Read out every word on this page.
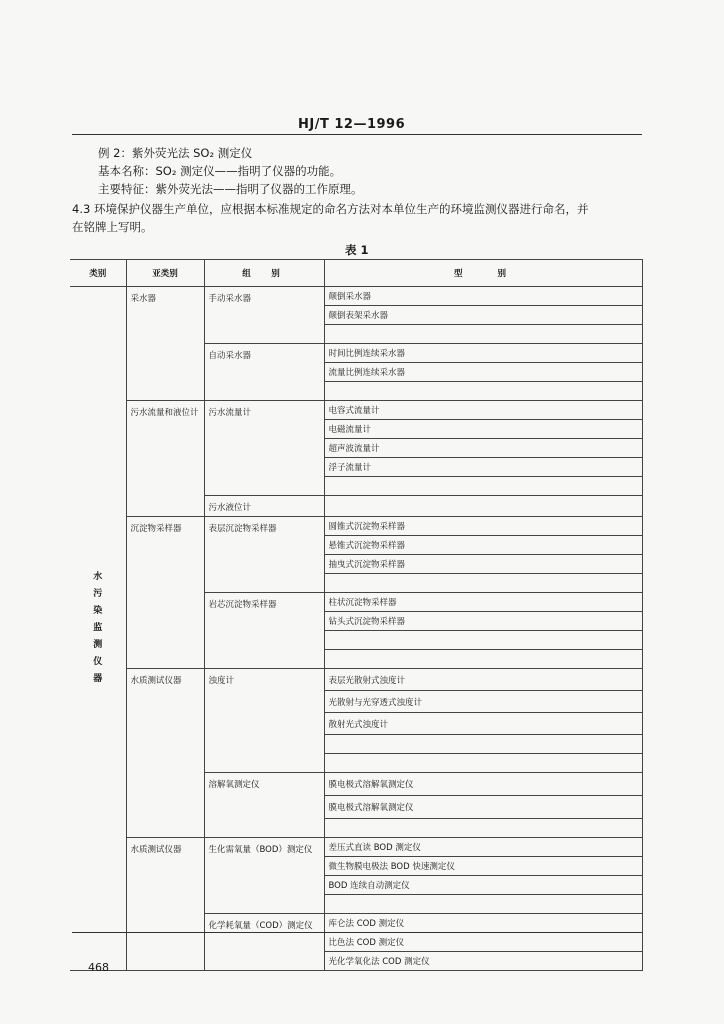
HJ/T 12—1996
例 2：紫外荧光法 SO₂ 测定仪
基本名称：SO₂ 测定仪——指明了仪器的功能。
主要特征：紫外荧光法——指明了仪器的工作原理。
4.3 环境保护仪器生产单位，应根据本标准规定的命名方法对本单位生产的环境监测仪器进行命名，并
在铭牌上写明。
表 1
类别	亚类别	组　别	型　　别
水污染监测仪器	采水器	手动采水器	颠倒采水器
			颠倒表架采水器

		自动采水器	时间比例连续采水器
			流量比例连续采水器

	污水流量和液位计	污水流量计	电容式流量计
			电磁流量计
			超声波流量计
			浮子流量计

		污水液位计	
	沉淀物采样器	表层沉淀物采样器	圆锥式沉淀物采样器
			悬锥式沉淀物采样器
			抽曳式沉淀物采样器

		岩芯沉淀物采样器	柱状沉淀物采样器
			钻头式沉淀物采样器

	水质测试仪器	浊度计	表层光散射式浊度计
			光散射与光穿透式浊度计
			散射光式浊度计

		溶解氧测定仪	膜电极式溶解氧测定仪
			膜电极式溶解氧测定仪

	水质测试仪器	生化需氧量（BOD）测定仪	差压式直读 BOD 测定仪
			微生物膜电极法 BOD 快速测定仪
			BOD 连续自动测定仪

		化学耗氧量（COD）测定仪	库仑法 COD 测定仪
			比色法 COD 测定仪
			光化学氧化法 COD 测定仪
468
